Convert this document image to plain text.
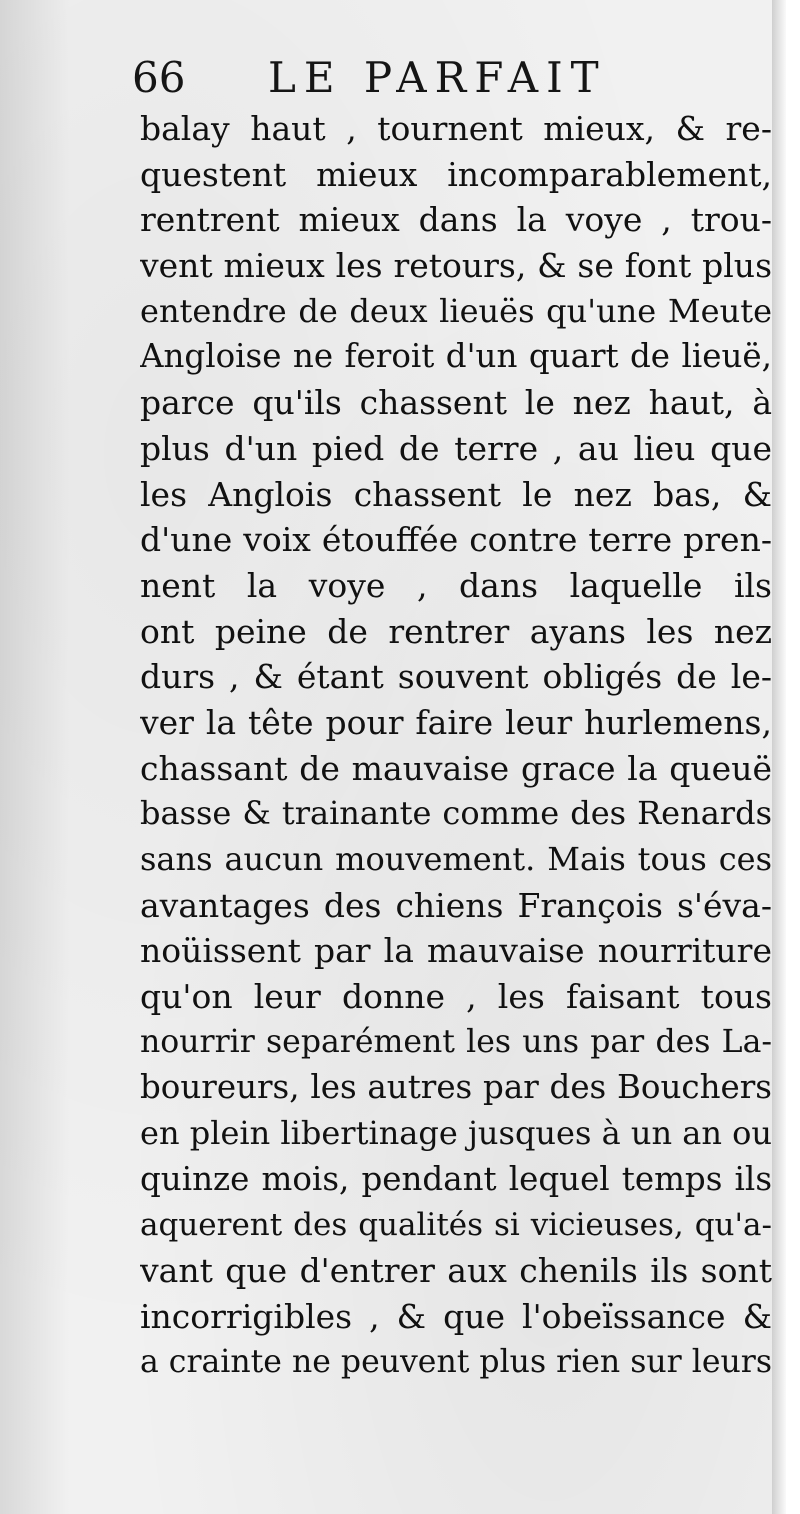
66 LE PARFAIT
balay haut , tournent mieux, & re-
questent mieux incomparablement,
rentrent mieux dans la voye , trou-
vent mieux les retours, & se font plus
entendre de deux lieuës qu'une Meute
Angloise ne feroit d'un quart de lieuë,
parce qu'ils chassent le nez haut, à
plus d'un pied de terre , au lieu que
les Anglois chassent le nez bas, &
d'une voix étouffée contre terre pren-
nent la voye , dans laquelle ils
ont peine de rentrer ayans les nez
durs , & étant souvent obligés de le-
ver la tête pour faire leur hurlemens,
chassant de mauvaise grace la queuë
basse & trainante comme des Renards
sans aucun mouvement. Mais tous ces
avantages des chiens François s'éva-
noüissent par la mauvaise nourriture
qu'on leur donne , les faisant tous
nourrir separément les uns par des La-
boureurs, les autres par des Bouchers
en plein libertinage jusques à un an ou
quinze mois, pendant lequel temps ils
aquerent des qualités si vicieuses, qu'a-
vant que d'entrer aux chenils ils sont
incorrigibles , & que l'obeïssance &
a crainte ne peuvent plus rien sur leurs
